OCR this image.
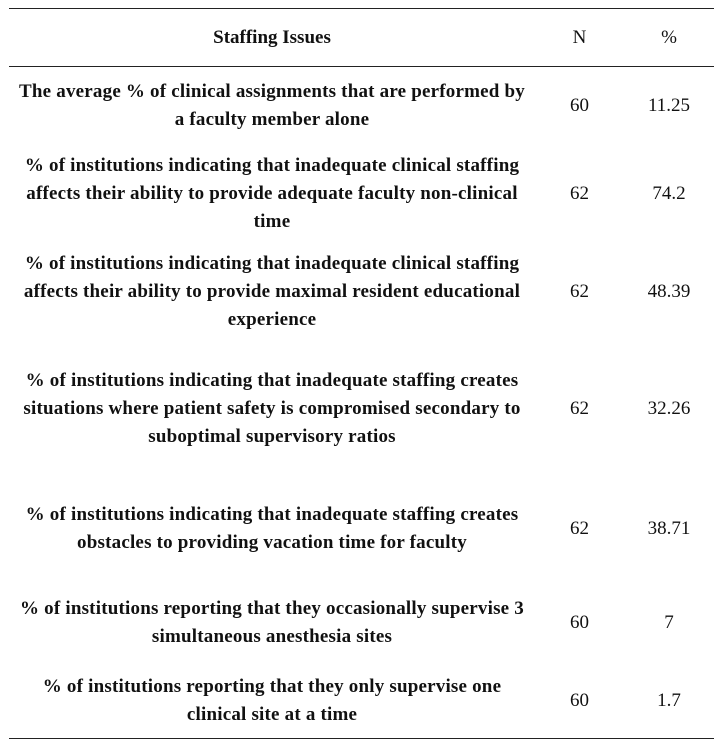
Staffing Issues	N	%
The average % of clinical assignments that are performed by a faculty member alone	60	11.25
% of institutions indicating that inadequate clinical staffing affects their ability to provide adequate faculty non-clinical time	62	74.2
% of institutions indicating that inadequate clinical staffing affects their ability to provide maximal resident educational experience	62	48.39
% of institutions indicating that inadequate staffing creates situations where patient safety is compromised secondary to suboptimal supervisory ratios	62	32.26
% of institutions indicating that inadequate staffing creates obstacles to providing vacation time for faculty	62	38.71
% of institutions reporting that they occasionally supervise 3 simultaneous anesthesia sites	60	7
% of institutions reporting that they only supervise one clinical site at a time	60	1.7
